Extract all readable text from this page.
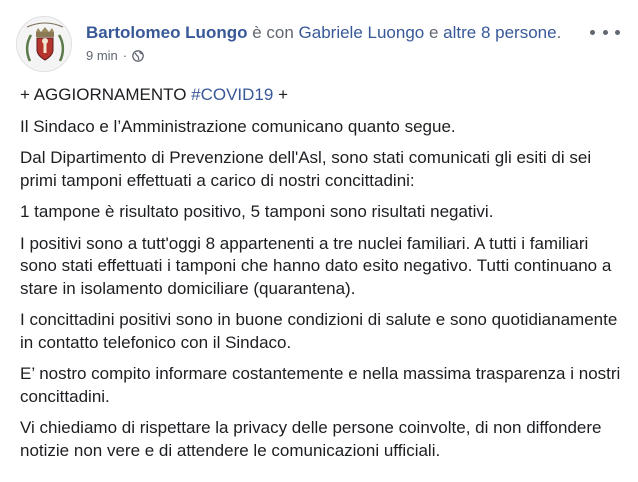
Bartolomeo Luongo è con Gabriele Luongo e altre 8 persone.
9 min ·

+ AGGIORNAMENTO #COVID19 +

Il Sindaco e l’Amministrazione comunicano quanto segue.

Dal Dipartimento di Prevenzione dell'Asl, sono stati comunicati gli esiti di sei primi tamponi effettuati a carico di nostri concittadini:

1 tampone è risultato positivo, 5 tamponi sono risultati negativi.

I positivi sono a tutt'oggi 8 appartenenti a tre nuclei familiari. A tutti i familiari sono stati effettuati i tamponi che hanno dato esito negativo. Tutti continuano a stare in isolamento domiciliare (quarantena).

I concittadini positivi sono in buone condizioni di salute e sono quotidianamente in contatto telefonico con il Sindaco.

E’ nostro compito informare costantemente e nella massima trasparenza i nostri concittadini.

Vi chiediamo di rispettare la privacy delle persone coinvolte, di non diffondere notizie non vere e di attendere le comunicazioni ufficiali.
